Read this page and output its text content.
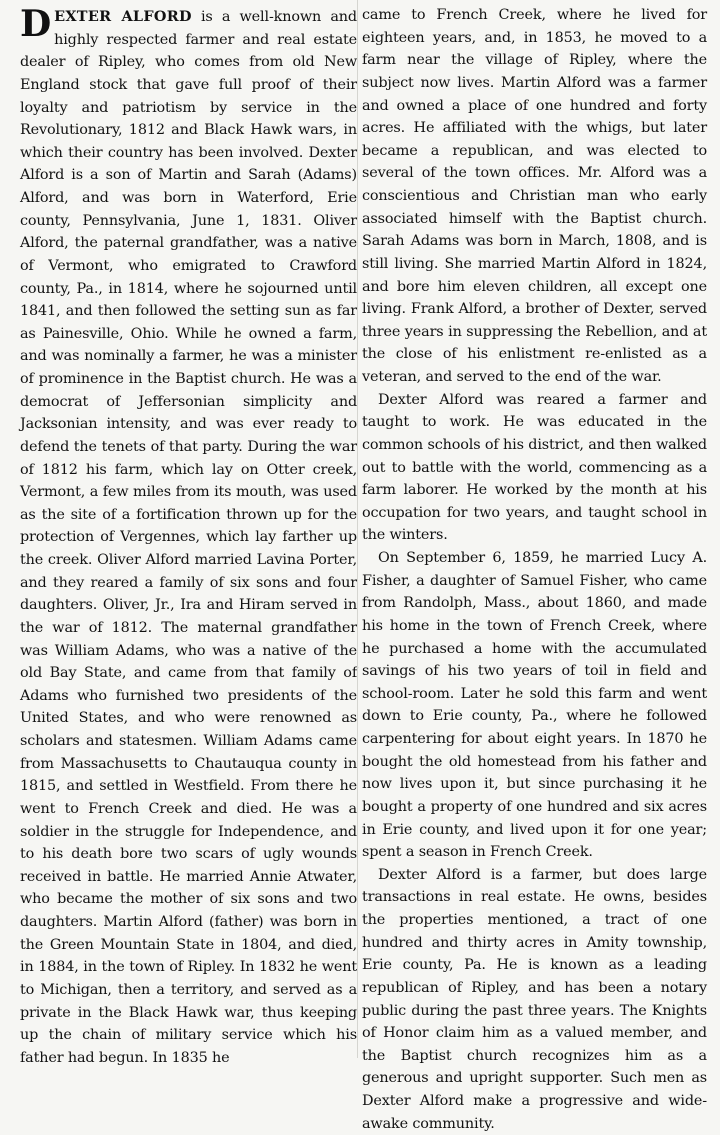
DEXTER ALFORD is a well-known and highly respected farmer and real estate dealer of Ripley, who comes from old New England stock that gave full proof of their loyalty and patriotism by service in the Revolutionary, 1812 and Black Hawk wars, in which their country has been involved. Dexter Alford is a son of Martin and Sarah (Adams) Alford, and was born in Waterford, Erie county, Pennsylvania, June 1, 1831. Oliver Alford, the paternal grandfather, was a native of Vermont, who emigrated to Crawford county, Pa., in 1814, where he sojourned until 1841, and then followed the setting sun as far as Painesville, Ohio. While he owned a farm, and was nominally a farmer, he was a minister of prominence in the Baptist church. He was a democrat of Jeffersonian simplicity and Jacksonian intensity, and was ever ready to defend the tenets of that party. During the war of 1812 his farm, which lay on Otter creek, Vermont, a few miles from its mouth, was used as the site of a fortification thrown up for the protection of Vergennes, which lay farther up the creek. Oliver Alford married Lavina Porter, and they reared a family of six sons and four daughters. Oliver, Jr., Ira and Hiram served in the war of 1812. The maternal grandfather was William Adams, who was a native of the old Bay State, and came from that family of Adams who furnished two presidents of the United States, and who were renowned as scholars and statesmen. William Adams came from Massachusetts to Chautauqua county in 1815, and settled in Westfield. From there he went to French Creek and died. He was a soldier in the struggle for Independence, and to his death bore two scars of ugly wounds received in battle. He married Annie Atwater, who became the mother of six sons and two daughters. Martin Alford (father) was born in the Green Mountain State in 1804, and died, in 1884, in the town of Ripley. In 1832 he went to Michigan, then a territory, and served as a private in the Black Hawk war, thus keeping up the chain of military service which his father had begun. In 1835 he

came to French Creek, where he lived for eighteen years, and, in 1853, he moved to a farm near the village of Ripley, where the subject now lives. Martin Alford was a farmer and owned a place of one hundred and forty acres. He affiliated with the whigs, but later became a republican, and was elected to several of the town offices. Mr. Alford was a conscientious and Christian man who early associated himself with the Baptist church. Sarah Adams was born in March, 1808, and is still living. She married Martin Alford in 1824, and bore him eleven children, all except one living. Frank Alford, a brother of Dexter, served three years in suppressing the Rebellion, and at the close of his enlistment re-enlisted as a veteran, and served to the end of the war.

Dexter Alford was reared a farmer and taught to work. He was educated in the common schools of his district, and then walked out to battle with the world, commencing as a farm laborer. He worked by the month at his occupation for two years, and taught school in the winters.

On September 6, 1859, he married Lucy A. Fisher, a daughter of Samuel Fisher, who came from Randolph, Mass., about 1860, and made his home in the town of French Creek, where he purchased a home with the accumulated savings of his two years of toil in field and school-room. Later he sold this farm and went down to Erie county, Pa., where he followed carpentering for about eight years. In 1870 he bought the old homestead from his father and now lives upon it, but since purchasing it he bought a property of one hundred and six acres in Erie county, and lived upon it for one year; spent a season in French Creek.

Dexter Alford is a farmer, but does large transactions in real estate. He owns, besides the properties mentioned, a tract of one hundred and thirty acres in Amity township, Erie county, Pa. He is known as a leading republican of Ripley, and has been a notary public during the past three years. The Knights of Honor claim him as a valued member, and the Baptist church recognizes him as a generous and upright supporter. Such men as Dexter Alford make a progressive and wide-awake community.
